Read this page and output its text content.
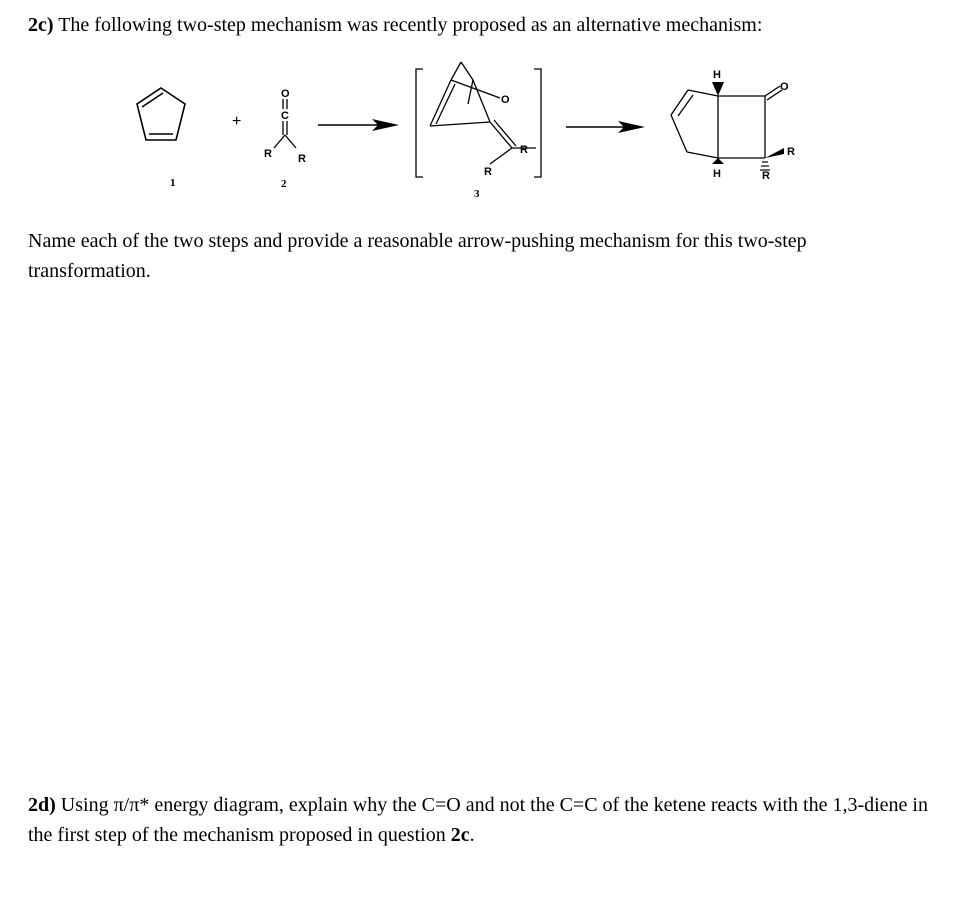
2c) The following two-step mechanism was recently proposed as an alternative mechanism:
1
+
O
C
R R
2
O
R
R
3
H
O
R
H	R
Name each of the two steps and provide a reasonable arrow-pushing mechanism for this two-step transformation.
2d) Using π/π* energy diagram, explain why the C=O and not the C=C of the ketene reacts with the 1,3-diene in the first step of the mechanism proposed in question 2c.
